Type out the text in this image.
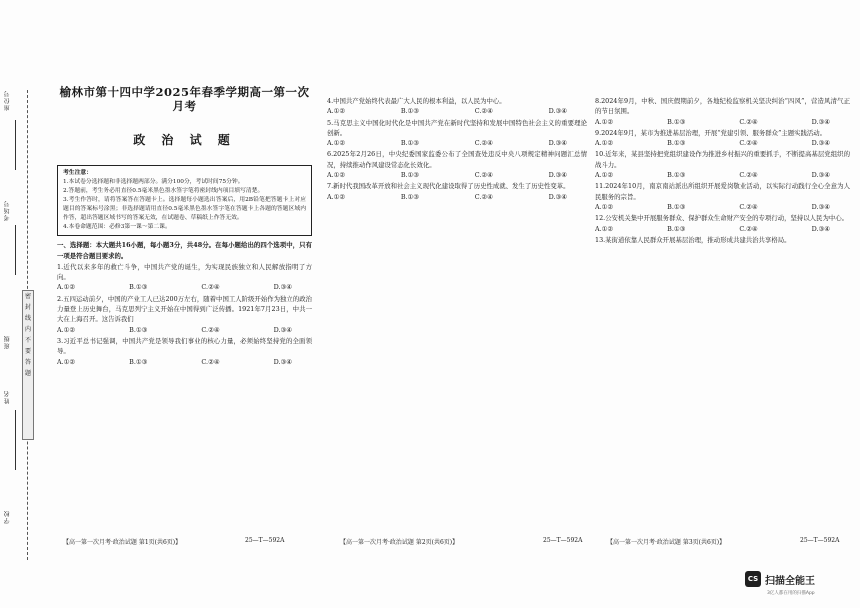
座位号
考场号
班级
姓名
学校
密
封
线
内
不
要
答
题
榆林市第十四中学2025年春季学期高一第一次月考
政 治 试 题
考生注意：
1.本试卷分选择题和非选择题两部分。满分100分，考试时间75分钟。
2.答题前，考生务必用直径0.5毫米黑色墨水签字笔将密封线内项目填写清楚。
3.考生作答时，请将答案答在答题卡上。选择题每小题选出答案后，用2B铅笔把答题卡上对应题目的答案标号涂黑；非选择题请用直径0.5毫米黑色墨水签字笔在答题卡上各题的答题区域内作答，超出答题区域书写的答案无效，在试题卷、草稿纸上作答无效。
4.本卷命题范围：必修3第一课～第二课。
一、选择题：本大题共16小题，每小题3分，共48分。在每小题给出的四个选项中，只有一项是符合题目要求的。
1.近代以来多年的救亡斗争，中国共产党的诞生，为实现民族独立和人民解放指明了方向。
A.①②	B.①③	C.②④	D.③④
2.五四运动前夕，中国的产业工人已达200万左右，随着中国工人阶级开始作为独立的政治力量登上历史舞台，马克思列宁主义开始在中国得到广泛传播。1921年7月23日，中共一大在上海召开。这告诉我们
A.①②	B.①③	C.②④	D.③④
3.习近平总书记强调，中国共产党是领导我们事业的核心力量，必须始终坚持党的全面领导。
A.①②	B.①③	C.②④	D.③④
4.中国共产党始终代表最广大人民的根本利益，以人民为中心。
A.①②	B.①③	C.②④	D.③④
5.马克思主义中国化时代化是中国共产党在新时代坚持和发展中国特色社会主义的重要理论创新。
A.①②	B.①③	C.②④	D.③④
6.2025年2月26日，中央纪委国家监委公布了全国查处违反中央八项规定精神问题汇总情况，持续推动作风建设常态化长效化。
A.①②	B.①③	C.②④	D.③④
7.新时代我国改革开放和社会主义现代化建设取得了历史性成就、发生了历史性变革。
A.①②	B.①③	C.②④	D.③④
8.2024年9月，中秋、国庆假期前夕，各地纪检监察机关坚决纠治“四风”，营造风清气正的节日氛围。
A.①②	B.①③	C.②④	D.③④
9.2024年9月，某市为推进基层治理，开展“党建引领、服务群众”主题实践活动。
A.①②	B.①③	C.②④	D.③④
10.近年来，某县坚持把党组织建设作为推进乡村振兴的重要抓手，不断提高基层党组织的战斗力。
A.①②	B.①③	C.②④	D.③④
11.2024年10月，南京南站派出所组织开展爱岗敬业活动，以实际行动践行全心全意为人民服务的宗旨。
A.①②	B.①③	C.②④	D.③④
12.公安机关集中开展服务群众、保护群众生命财产安全的专项行动，坚持以人民为中心。
A.①②	B.①③	C.②④	D.③④
13.某街道依靠人民群众开展基层治理，推动形成共建共治共享格局。
【高一第一次月考·政治试题 第1页(共6页)】	25—T—592A	【高一第一次月考·政治试题 第2页(共6页)】	25—T—592A	【高一第一次月考·政治试题 第3页(共6页)】	25—T—592A
CS 扫描全能王
3亿人都在用的扫描App
